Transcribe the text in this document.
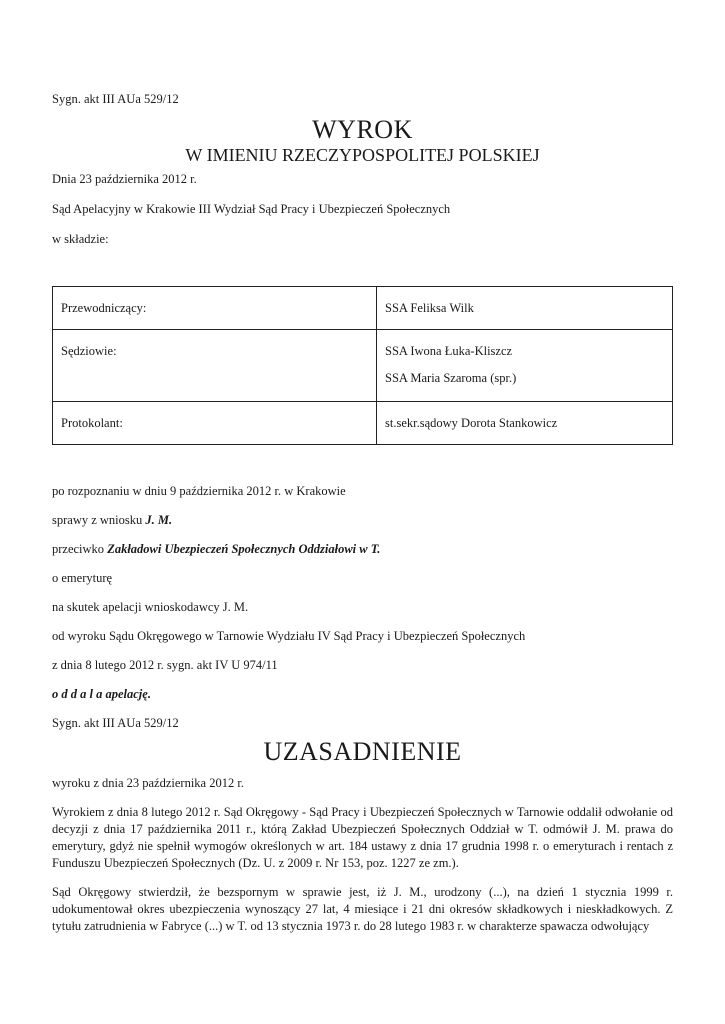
Sygn. akt III AUa 529/12
WYROK
W IMIENIU RZECZYPOSPOLITEJ POLSKIEJ
Dnia 23 października 2012 r.
Sąd Apelacyjny w Krakowie III Wydział Sąd Pracy i Ubezpieczeń Społecznych
w składzie:
Przewodniczący:	SSA Feliksa Wilk
Sędziowie:	SSA Iwona Łuka-Kliszcz
SSA Maria Szaroma (spr.)

Protokolant:	st.sekr.sądowy Dorota Stankowicz
po rozpoznaniu w dniu 9 października 2012 r. w Krakowie
sprawy z wniosku J. M.
przeciwko Zakładowi Ubezpieczeń Społecznych Oddziałowi w T.
o emeryturę
na skutek apelacji wnioskodawcy J. M.
od wyroku Sądu Okręgowego w Tarnowie Wydziału IV Sąd Pracy i Ubezpieczeń Społecznych
z dnia 8 lutego 2012 r. sygn. akt IV U 974/11
o d d a l a apelację.
Sygn. akt III AUa 529/12
UZASADNIENIE
wyroku z dnia 23 października 2012 r.
Wyrokiem z dnia 8 lutego 2012 r. Sąd Okręgowy - Sąd Pracy i Ubezpieczeń Społecznych w Tarnowie oddalił odwołanie od decyzji z dnia 17 października 2011 r., którą Zakład Ubezpieczeń Społecznych Oddział w T. odmówił J. M. prawa do emerytury, gdyż nie spełnił wymogów określonych w art. 184 ustawy z dnia 17 grudnia 1998 r. o emeryturach i rentach z Funduszu Ubezpieczeń Społecznych (Dz. U. z 2009 r. Nr 153, poz. 1227 ze zm.).
Sąd Okręgowy stwierdził, że bezspornym w sprawie jest, iż J. M., urodzony (...), na dzień 1 stycznia 1999 r. udokumentował okres ubezpieczenia wynoszący 27 lat, 4 miesiące i 21 dni okresów składkowych i nieskładkowych. Z tytułu zatrudnienia w Fabryce (...) w T. od 13 stycznia 1973 r. do 28 lutego 1983 r. w charakterze spawacza odwołujący
